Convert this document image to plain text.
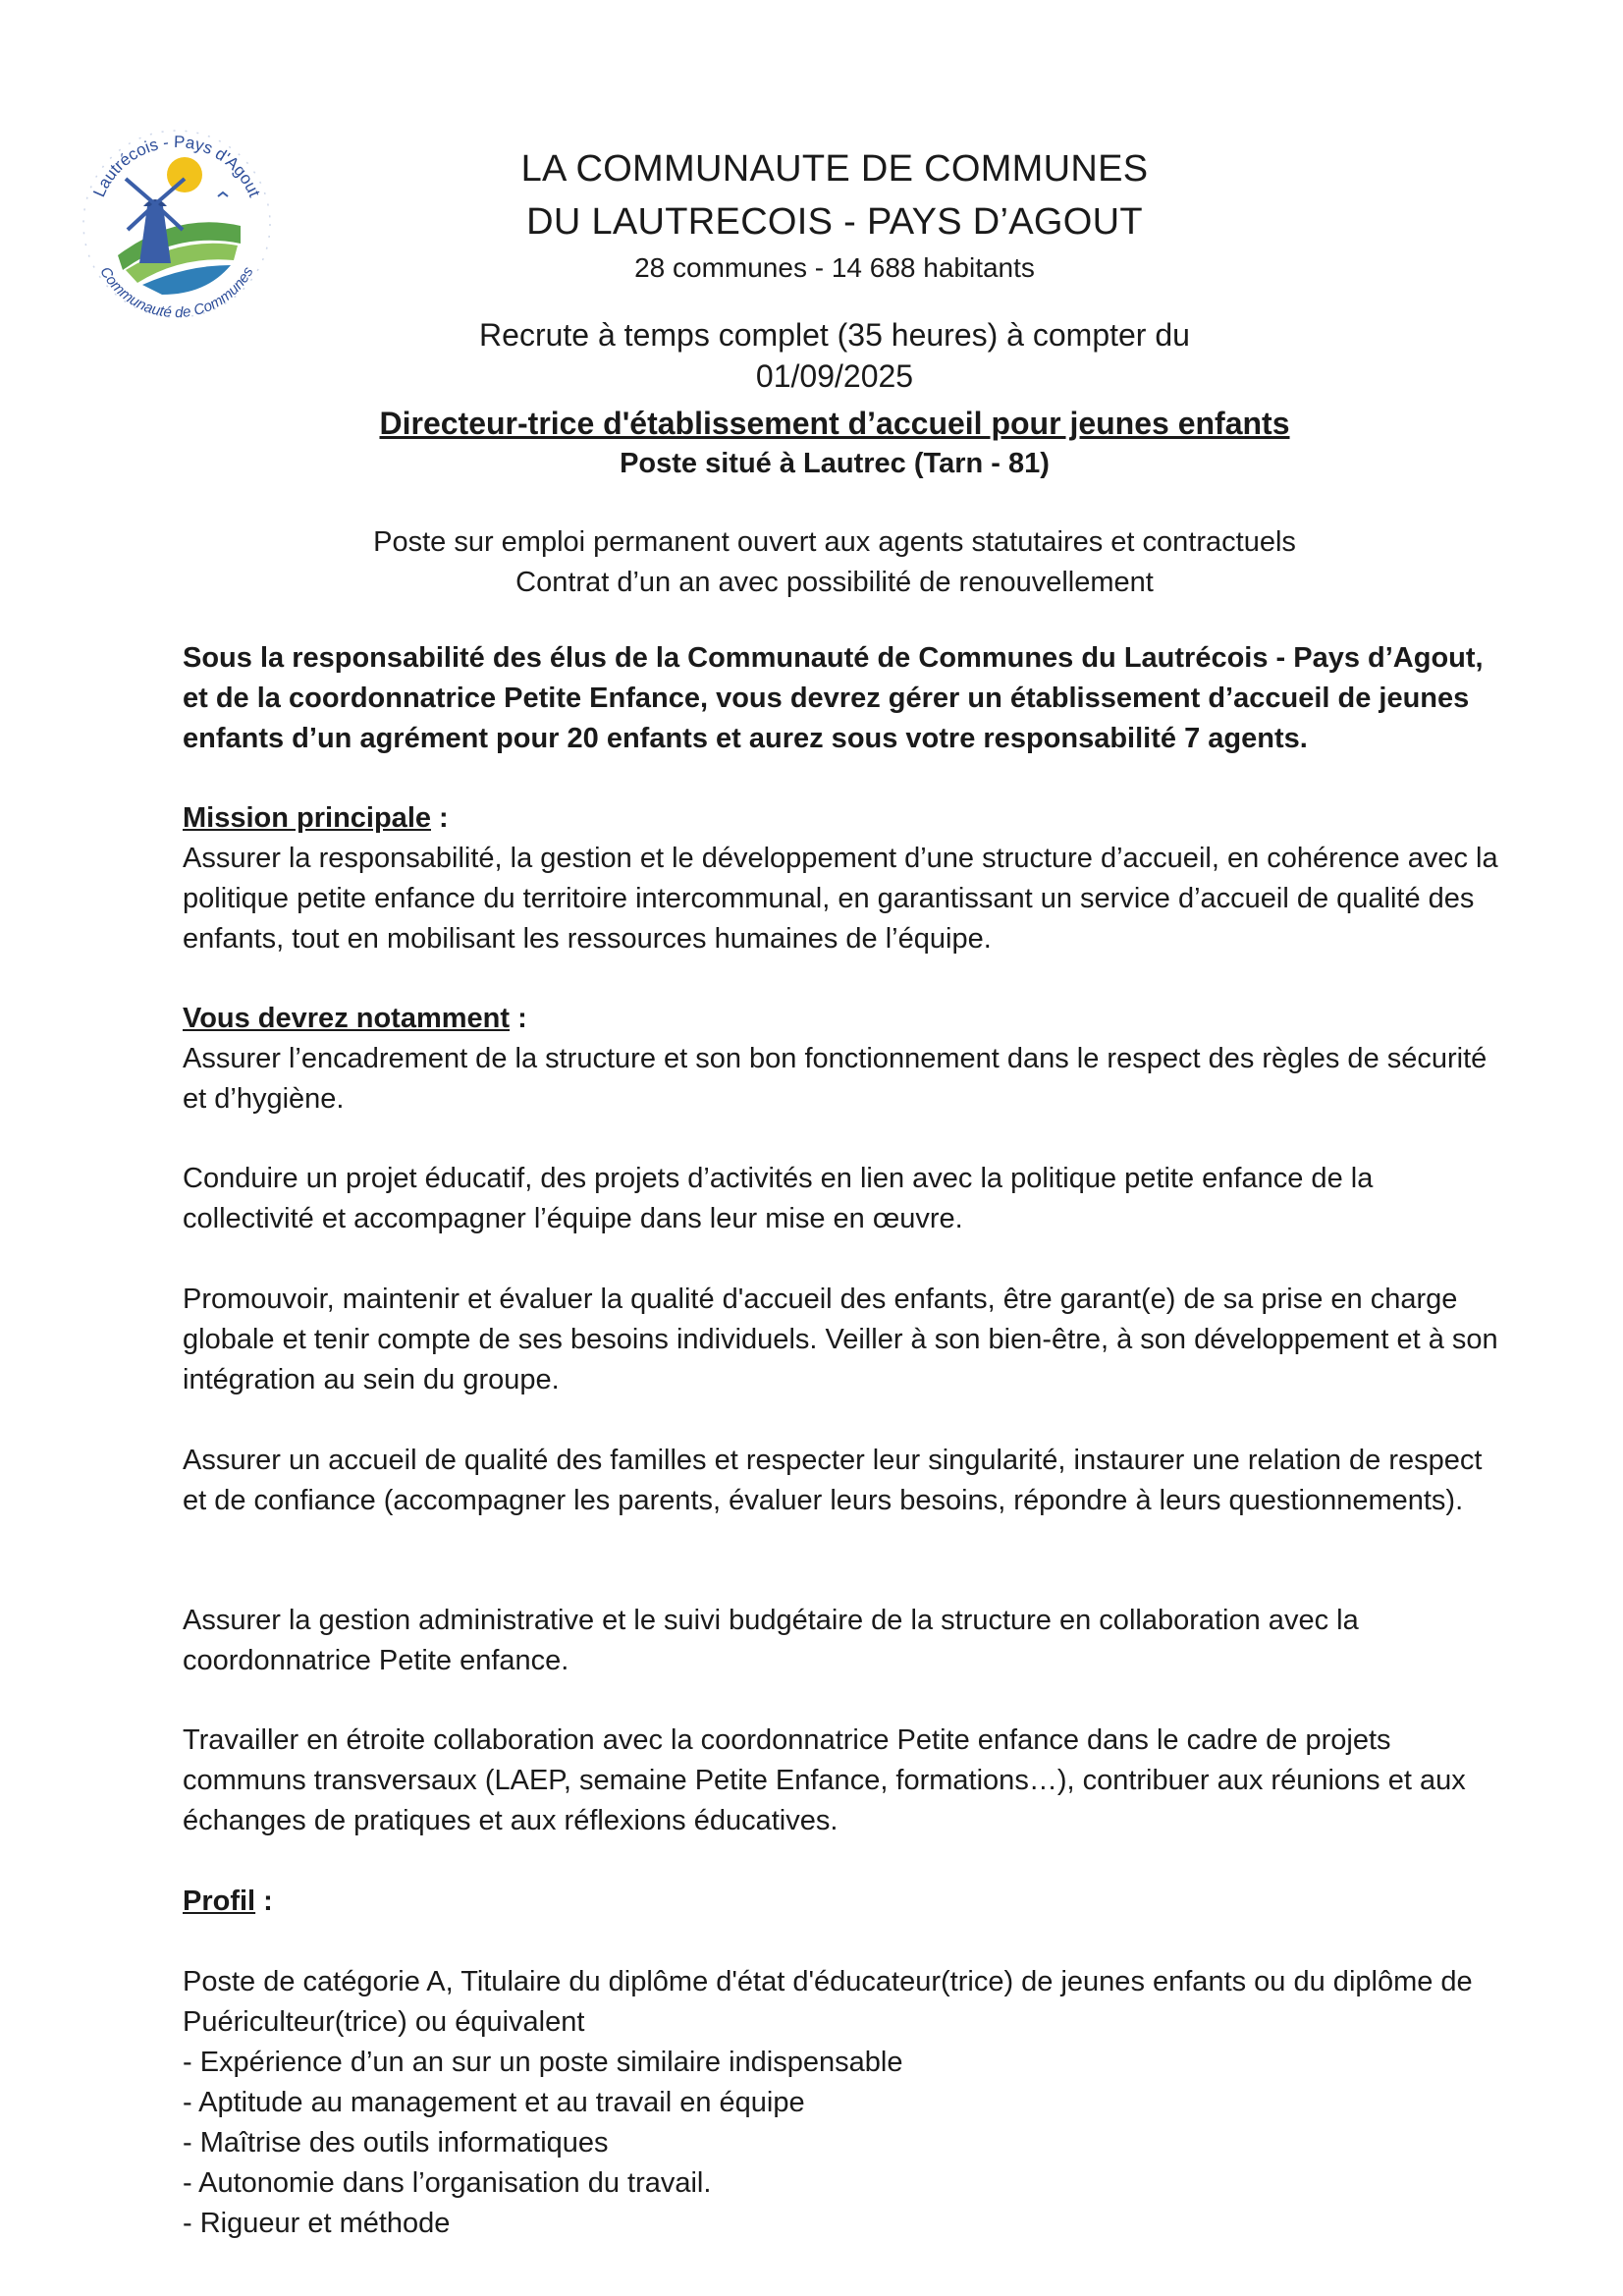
Lautrécois - Pays d'Agout
Communauté de Communes
LA COMMUNAUTE DE COMMUNES
DU LAUTRECOIS - PAYS D’AGOUT
28 communes - 14 688 habitants
Recrute à temps complet (35 heures) à compter du 01/09/2025
Directeur-trice d'établissement d’accueil pour jeunes enfants
Poste situé à Lautrec (Tarn - 81)
Poste sur emploi permanent ouvert aux agents statutaires et contractuels
Contrat d’un an avec possibilité de renouvellement
Sous la responsabilité des élus de la Communauté de Communes du Lautrécois - Pays d’Agout, et de la coordonnatrice Petite Enfance, vous devrez gérer un établissement d’accueil de jeunes enfants d’un agrément pour 20 enfants et aurez sous votre responsabilité 7 agents.

Mission principale :

Assurer la responsabilité, la gestion et le développement d’une structure d’accueil, en cohérence avec la politique petite enfance du territoire intercommunal, en garantissant un service d’accueil de qualité des enfants, tout en mobilisant les ressources humaines de l’équipe.

Vous devrez notamment :

Assurer l’encadrement de la structure et son bon fonctionnement dans le respect des règles de sécurité et d’hygiène.

Conduire un projet éducatif, des projets d’activités en lien avec la politique petite enfance de la collectivité et accompagner l’équipe dans leur mise en œuvre.
Promouvoir, maintenir et évaluer la qualité d'accueil des enfants, être garant(e) de sa prise en charge globale et tenir compte de ses besoins individuels. Veiller à son bien-être, à son développement et à son intégration au sein du groupe.
Assurer un accueil de qualité des familles et respecter leur singularité, instaurer une relation de respect et de confiance (accompagner les parents, évaluer leurs besoins, répondre à leurs questionnements).
Assurer la gestion administrative et le suivi budgétaire de la structure en collaboration avec la coordonnatrice Petite enfance.
Travailler en étroite collaboration avec la coordonnatrice Petite enfance dans le cadre de projets communs transversaux (LAEP, semaine Petite Enfance, formations…), contribuer aux réunions et aux échanges de pratiques et aux réflexions éducatives.

Profil :

Poste de catégorie A, Titulaire du diplôme d'état d'éducateur(trice) de jeunes enfants ou du diplôme de Puériculteur(trice) ou équivalent

- Expérience d’un an sur un poste similaire indispensable
- Aptitude au management et au travail en équipe
- Maîtrise des outils informatiques
- Autonomie dans l’organisation du travail.
- Rigueur et méthode
